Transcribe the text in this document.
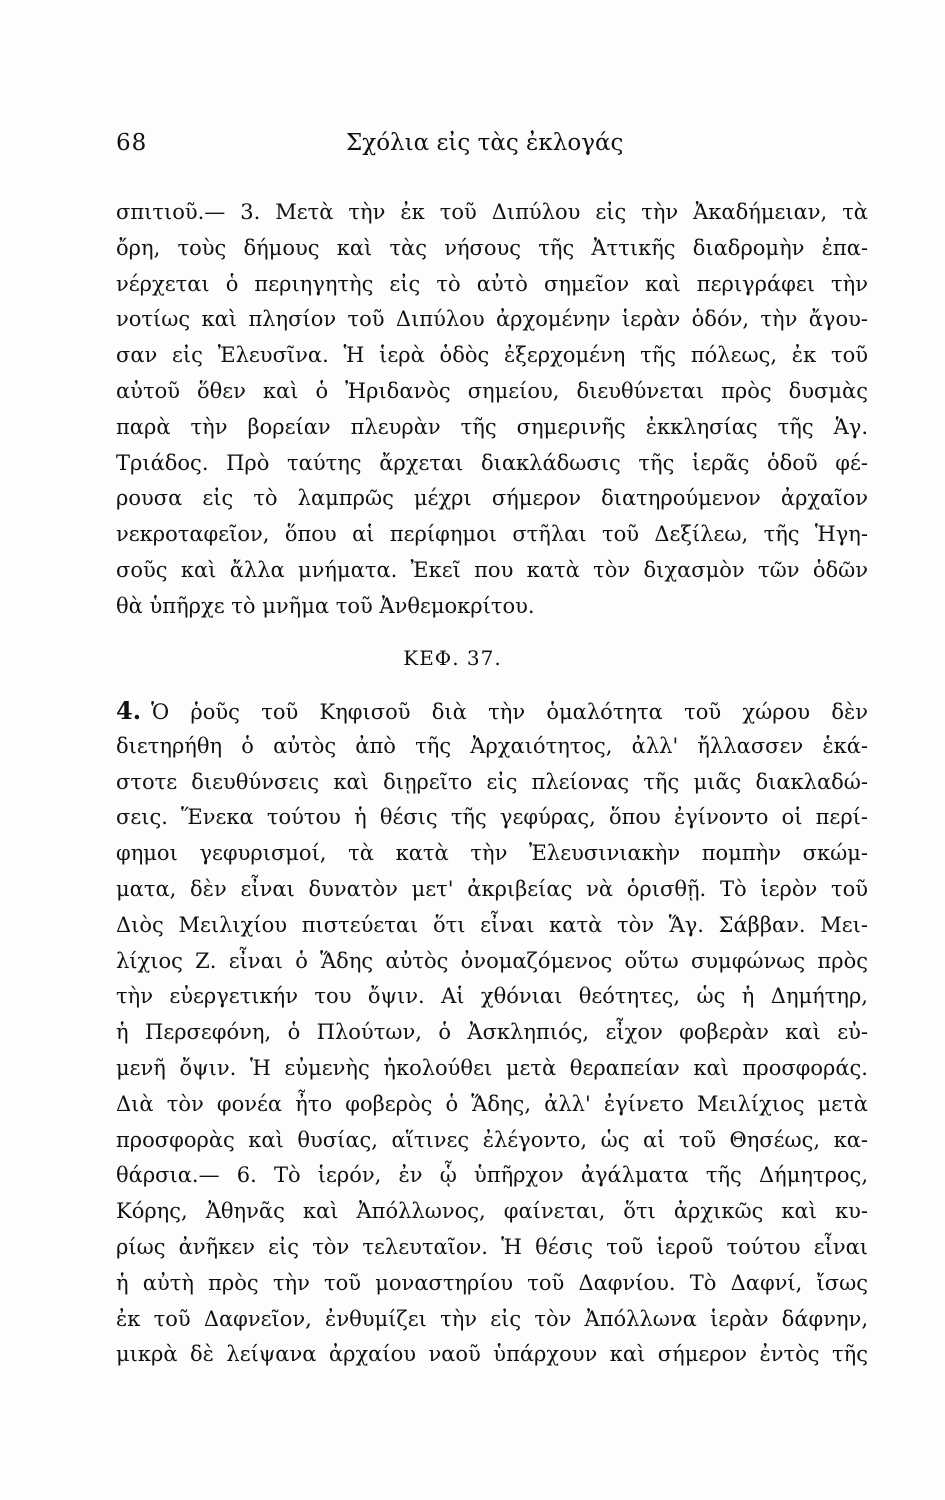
68	Σχόλια εἰς τὰς ἐκλογάς
σπιτιοῦ.— 3. Μετὰ τὴν ἐκ τοῦ Διπύλου εἰς τὴν Ἀκαδήμειαν, τὰ
ὄρη, τοὺς δήμους καὶ τὰς νήσους τῆς Ἀττικῆς διαδρομὴν ἐπα-
νέρχεται ὁ περιηγητὴς εἰς τὸ αὐτὸ σημεῖον καὶ περιγράφει τὴν
νοτίως καὶ πλησίον τοῦ Διπύλου ἀρχομένην ἱερὰν ὁδόν, τὴν ἄγου-
σαν εἰς Ἐλευσῖνα. Ἡ ἱερὰ ὁδὸς ἐξερχομένη τῆς πόλεως, ἐκ τοῦ
αὐτοῦ ὅθεν καὶ ὁ Ἠριδανὸς σημείου, διευθύνεται πρὸς δυσμὰς
παρὰ τὴν βορείαν πλευρὰν τῆς σημερινῆς ἐκκλησίας τῆς Ἁγ.
Τριάδος. Πρὸ ταύτης ἄρχεται διακλάδωσις τῆς ἱερᾶς ὁδοῦ φέ-
ρουσα εἰς τὸ λαμπρῶς μέχρι σήμερον διατηρούμενον ἀρχαῖον
νεκροταφεῖον, ὅπου αἱ περίφημοι στῆλαι τοῦ Δεξίλεω, τῆς Ἡγη-
σοῦς καὶ ἄλλα μνήματα. Ἐκεῖ που κατὰ τὸν διχασμὸν τῶν ὁδῶν
θὰ ὑπῆρχε τὸ μνῆμα τοῦ Ἀνθεμοκρίτου.
ΚΕΦ. 37.
4. Ὁ ῥοῦς τοῦ Κηφισοῦ διὰ τὴν ὁμαλότητα τοῦ χώρου δὲν
διετηρήθη ὁ αὐτὸς ἀπὸ τῆς Ἀρχαιότητος, ἀλλ' ἤλλασσεν ἑκά-
στοτε διευθύνσεις καὶ διῃρεῖτο εἰς πλείονας τῆς μιᾶς διακλαδώ-
σεις. Ἕνεκα τούτου ἡ θέσις τῆς γεφύρας, ὅπου ἐγίνοντο οἱ περί-
φημοι γεφυρισμοί, τὰ κατὰ τὴν Ἐλευσινιακὴν πομπὴν σκώμ-
ματα, δὲν εἶναι δυνατὸν μετ' ἀκριβείας νὰ ὁρισθῇ. Τὸ ἱερὸν τοῦ
Διὸς Μειλιχίου πιστεύεται ὅτι εἶναι κατὰ τὸν Ἅγ. Σάββαν. Μει-
λίχιος Ζ. εἶναι ὁ Ἅδης αὐτὸς ὀνομαζόμενος οὕτω συμφώνως πρὸς
τὴν εὐεργετικήν του ὄψιν. Αἱ χθόνιαι θεότητες, ὡς ἡ Δημήτηρ,
ἡ Περσεφόνη, ὁ Πλούτων, ὁ Ἀσκληπιός, εἶχον φοβερὰν καὶ εὐ-
μενῆ ὄψιν. Ἡ εὐμενὴς ἠκολούθει μετὰ θεραπείαν καὶ προσφοράς.
Διὰ τὸν φονέα ἦτο φοβερὸς ὁ Ἅδης, ἀλλ' ἐγίνετο Μειλίχιος μετὰ
προσφορὰς καὶ θυσίας, αἵτινες ἐλέγοντο, ὡς αἱ τοῦ Θησέως, κα-
θάρσια.— 6. Τὸ ἱερόν, ἐν ᾧ ὑπῆρχον ἀγάλματα τῆς Δήμητρος,
Κόρης, Ἀθηνᾶς καὶ Ἀπόλλωνος, φαίνεται, ὅτι ἀρχικῶς καὶ κυ-
ρίως ἀνῆκεν εἰς τὸν τελευταῖον. Ἡ θέσις τοῦ ἱεροῦ τούτου εἶναι
ἡ αὐτὴ πρὸς τὴν τοῦ μοναστηρίου τοῦ Δαφνίου. Τὸ Δαφνί, ἴσως
ἐκ τοῦ Δαφνεῖον, ἐνθυμίζει τὴν εἰς τὸν Ἀπόλλωνα ἱερὰν δάφνην,
μικρὰ δὲ λείψανα ἀρχαίου ναοῦ ὑπάρχουν καὶ σήμερον ἐντὸς τῆς
